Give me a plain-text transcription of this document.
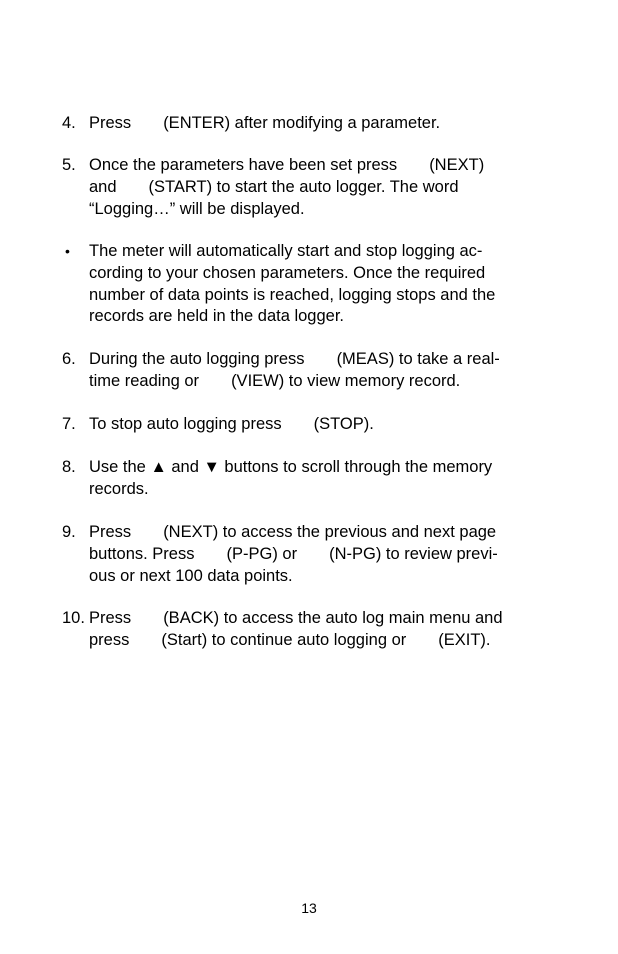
4. Press (ENTER) after modifying a parameter.
5. Once the parameters have been set press (NEXT)
and (START) to start the auto logger. The word
“Logging…” will be displayed.
• The meter will automatically start and stop logging ac-
cording to your chosen parameters. Once the required
number of data points is reached, logging stops and the
records are held in the data logger.
6. During the auto logging press (MEAS) to take a real-
time reading or (VIEW) to view memory record.
7. To stop auto logging press (STOP).
8. Use the ▲ and ▼ buttons to scroll through the memory
records.
9. Press (NEXT) to access the previous and next page
buttons. Press (P-PG) or (N-PG) to review previ-
ous or next 100 data points.
10. Press (BACK) to access the auto log main menu and
press (Start) to continue auto logging or (EXIT).
13
